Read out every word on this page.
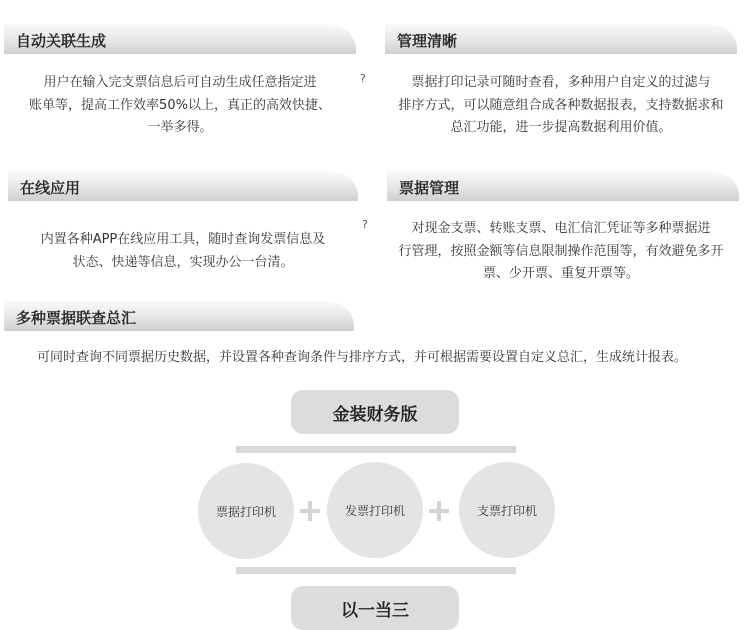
自动关联生成

用户在输入完支票信息后可自动生成任意指定进
账单等，提高工作效率50%以上，真正的高效快捷、
一举多得。

?
管理清晰

票据打印记录可随时查看，多种用户自定义的过滤与
排序方式，可以随意组合成各种数据报表，支持数据求和
总汇功能，进一步提高数据利用价值。

在线应用

内置各种APP在线应用工具，随时查询发票信息及
状态、快递等信息，实现办公一台清。

?
票据管理

对现金支票、转账支票、电汇信汇凭证等多种票据进
行管理，按照金额等信息限制操作范围等，有效避免多开
票、少开票、重复开票等。

多种票据联查总汇

可同时查询不同票据历史数据，并设置各种查询条件与排序方式，并可根据需要设置自定义总汇，生成统计报表。

金装财务版
票据打印机	发票打印机	支票打印机
以一当三
